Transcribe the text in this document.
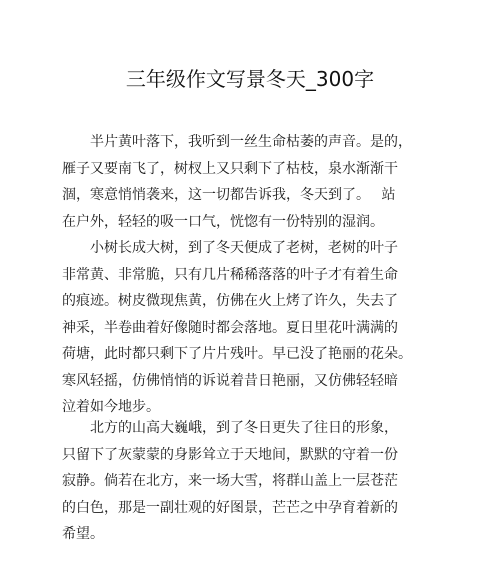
三年级作文写景冬天_300字
　　半片黄叶落下，我听到一丝生命枯萎的声音。是的，
雁子又要南飞了，树杈上又只剩下了枯枝，泉水渐渐干
涸，寒意悄悄袭来，这一切都告诉我，冬天到了。　 站
在户外，轻轻的吸一口气，恍惚有一份特别的湿润。
　　小树长成大树，到了冬天便成了老树，老树的叶子
非常黄、非常脆，只有几片稀稀落落的叶子才有着生命
的痕迹。树皮微现焦黄，仿佛在火上烤了许久，失去了
神采，半卷曲着好像随时都会落地。夏日里花叶满满的
荷塘，此时都只剩下了片片残叶。早已没了艳丽的花朵。
寒风轻摇，仿佛悄悄的诉说着昔日艳丽，又仿佛轻轻暗
泣着如今地步。
　　北方的山高大巍峨，到了冬日更失了往日的形象，
只留下了灰蒙蒙的身影耸立于天地间，默默的守着一份
寂静。倘若在北方，来一场大雪，将群山盖上一层苍茫
的白色，那是一副壮观的好图景，芒芒之中孕育着新的
希望。
